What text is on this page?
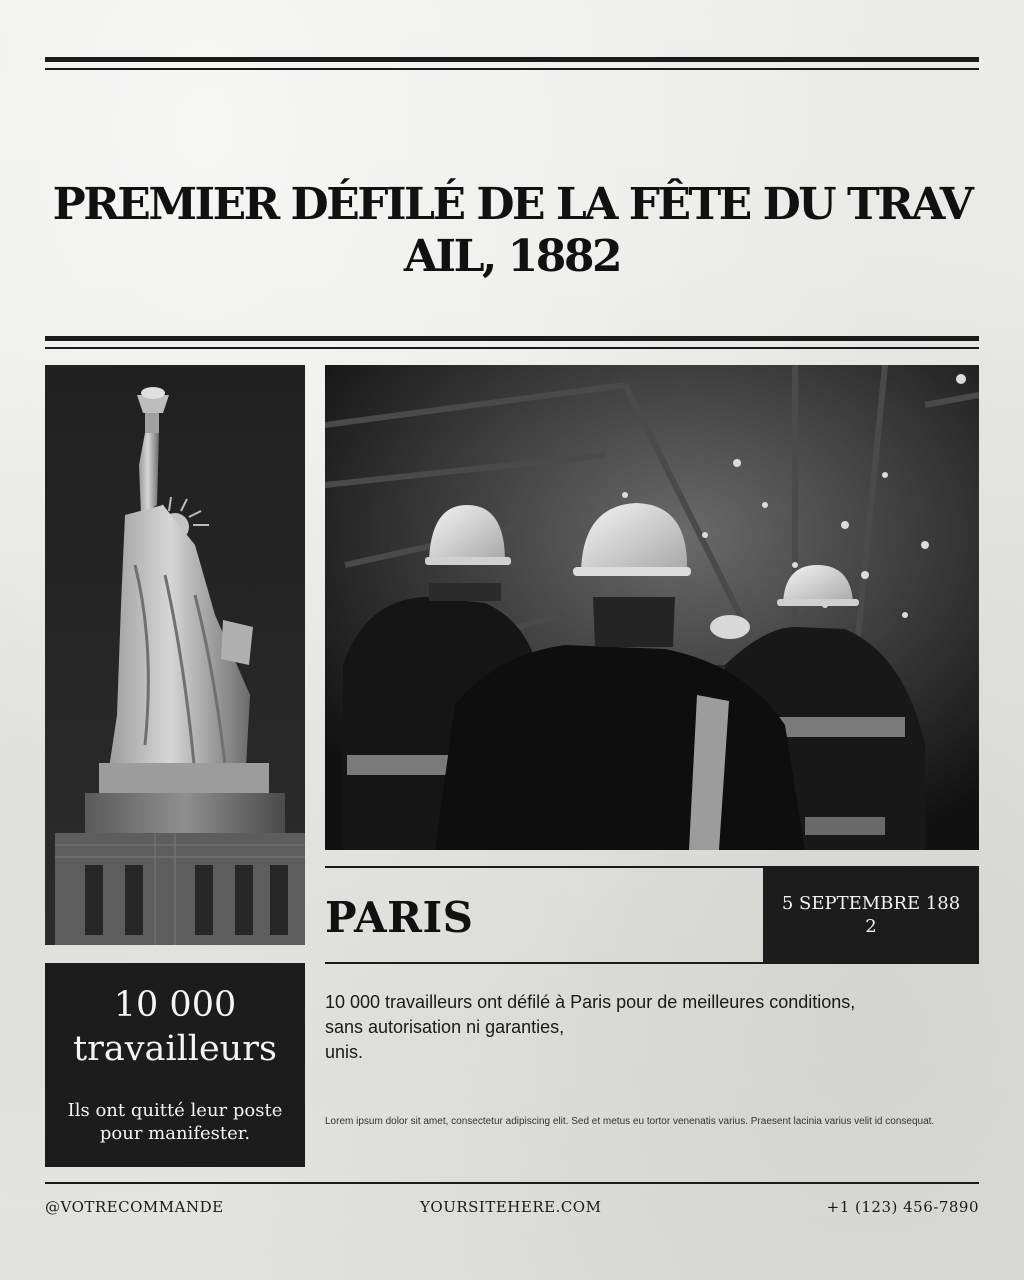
PREMIER DÉFILÉ DE LA FÊTE DU TRAVAIL, 1882
PARIS	5 SEPTEMBRE 1882
10 000 travailleurs
Ils ont quitté leur poste pour manifester.
10 000 travailleurs ont défilé à Paris pour de meilleures conditions,
sans autorisation ni garanties,
unis.
Lorem ipsum dolor sit amet, consectetur adipiscing elit. Sed et metus eu tortor venenatis varius. Praesent lacinia varius velit id consequat.
@VOTRECOMMANDE	YOURSITEHERE.COM	+1 (123) 456-7890
